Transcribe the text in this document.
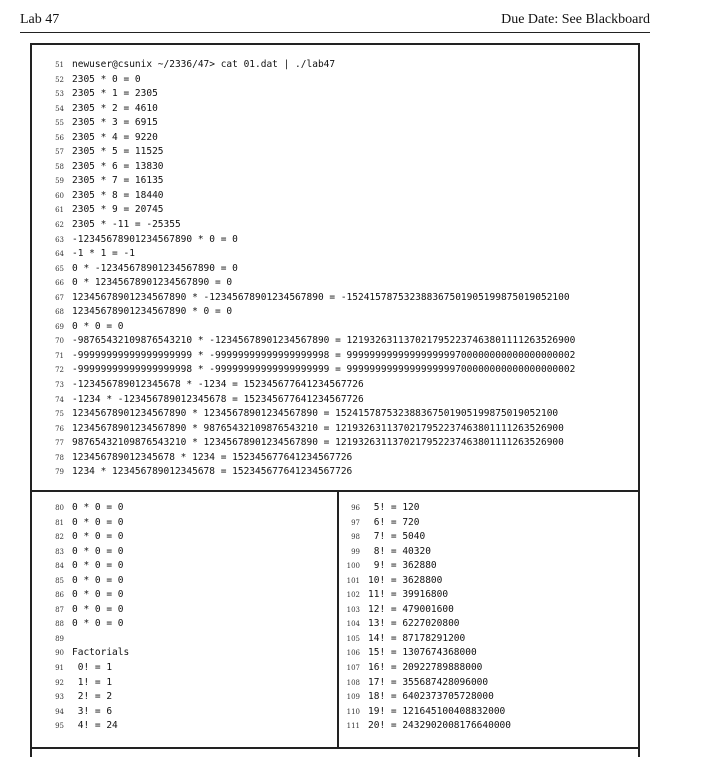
Lab 47	Due Date: See Blackboard
51 newuser@csunix ~/2336/47> cat 01.dat | ./lab47
52 2305 * 0 = 0
53 2305 * 1 = 2305
54 2305 * 2 = 4610
55 2305 * 3 = 6915
56 2305 * 4 = 9220
57 2305 * 5 = 11525
58 2305 * 6 = 13830
59 2305 * 7 = 16135
60 2305 * 8 = 18440
61 2305 * 9 = 20745
62 2305 * -11 = -25355
63 -12345678901234567890 * 0 = 0
64 -1 * 1 = -1
65 0 * -12345678901234567890 = 0
66 0 * 12345678901234567890 = 0
67 12345678901234567890 * -12345678901234567890 = -152415787532388367501905199875019052100
68 12345678901234567890 * 0 = 0
69 0 * 0 = 0
70 -98765432109876543210 * -12345678901234567890 = 1219326311370217952237463801111263526900
71 -99999999999999999999 * -99999999999999999998 = 9999999999999999999700000000000000000002
72 -99999999999999999998 * -99999999999999999999 = 9999999999999999999700000000000000000002
73 -123456789012345678 * -1234 = 152345677641234567726
74 -1234 * -123456789012345678 = 152345677641234567726
75 12345678901234567890 * 12345678901234567890 = 152415787532388367501905199875019052100
76 12345678901234567890 * 98765432109876543210 = 1219326311370217952237463801111263526900
77 98765432109876543210 * 12345678901234567890 = 1219326311370217952237463801111263526900
78 123456789012345678 * 1234 = 152345677641234567726
79 1234 * 123456789012345678 = 152345677641234567726
80 0 * 0 = 0
81 0 * 0 = 0
82 0 * 0 = 0
83 0 * 0 = 0
84 0 * 0 = 0
85 0 * 0 = 0
86 0 * 0 = 0
87 0 * 0 = 0
88 0 * 0 = 0
89
90 Factorials
91 0! = 1
92 1! = 1
93 2! = 2
94 3! = 6
95 4! = 24
96 5! = 120
97 6! = 720
98 7! = 5040
99 8! = 40320
100 9! = 362880
101 10! = 3628800
102 11! = 39916800
103 12! = 479001600
104 13! = 6227020800
105 14! = 87178291200
106 15! = 1307674368000
107 16! = 20922789888000
108 17! = 355687428096000
109 18! = 6402373705728000
110 19! = 121645100408832000
111 20! = 2432902008176640000
